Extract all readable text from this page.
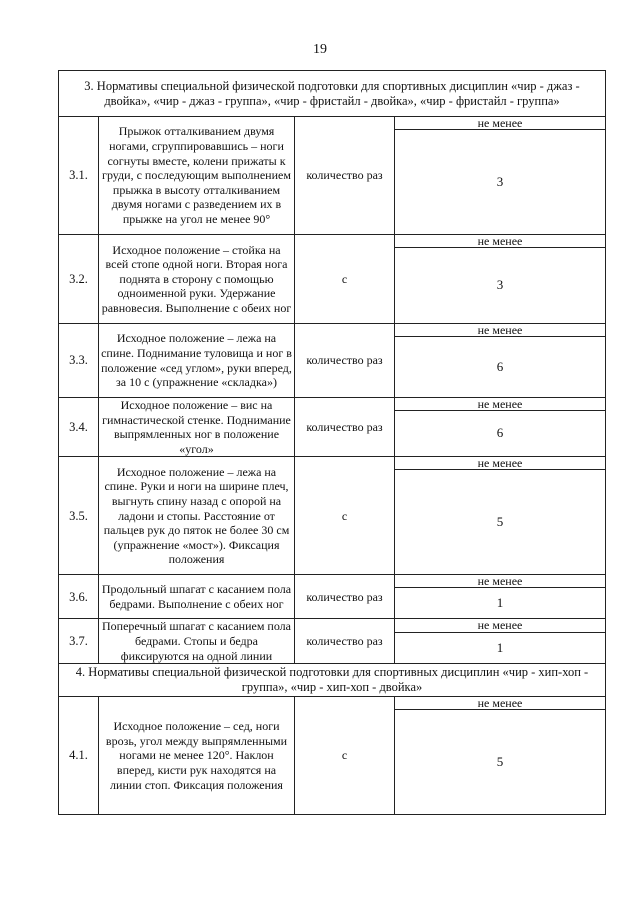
19
3. Нормативы специальной физической подготовки для спортивных дисциплин «чир - джаз - двойка», «чир - джаз - группа», «чир - фристайл - двойка», «чир - фристайл - группа»			
3.1.	Прыжок отталкиванием двумя ногами, сгруппировавшись – ноги согнуты вместе, колени прижаты к груди, с последующим выполнением прыжка в высоту отталкиванием двумя ногами с разведением их в прыжке на угол не менее 90°	количество раз	не менее
			3
3.2.	Исходное положение – стойка на всей стопе одной ноги. Вторая нога поднята в сторону с помощью одноименной руки. Удержание равновесия. Выполнение с обеих ног	с	не менее
			3
3.3.	Исходное положение – лежа на спине. Поднимание туловища и ног в положение «сед углом», руки вперед, за 10 с (упражнение «складка»)	количество раз	не менее
			6
3.4.	Исходное положение – вис на гимнастической стенке. Поднимание выпрямленных ног в положение «угол»	количество раз	не менее
			6
3.5.	Исходное положение – лежа на спине. Руки и ноги на ширине плеч, выгнуть спину назад с опорой на ладони и стопы. Расстояние от пальцев рук до пяток не более 30 см (упражнение «мост»). Фиксация положения	с	не менее
			5
3.6.	Продольный шпагат с касанием пола бедрами. Выполнение с обеих ног	количество раз	не менее
			1
3.7.	Поперечный шпагат с касанием пола бедрами. Стопы и бедра фиксируются на одной линии	количество раз	не менее
			1
4. Нормативы специальной физической подготовки для спортивных дисциплин «чир - хип-хоп - группа», «чир - хип-хоп - двойка»			
4.1.	Исходное положение – сед, ноги врозь, угол между выпрямленными ногами не менее 120°. Наклон вперед, кисти рук находятся на линии стоп. Фиксация положения	с	не менее
			5
